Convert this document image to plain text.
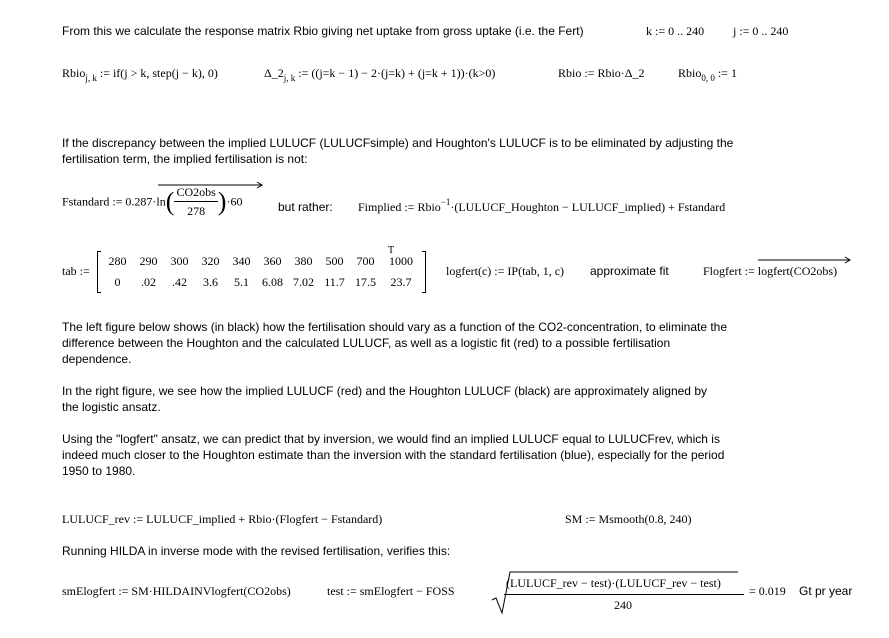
From this we calculate the response matrix Rbio giving net uptake from gross uptake (i.e. the Fert)	k := 0 .. 240 j := 0 .. 240
Rbio$_{j, k}$ := if(j > k, step(j − k), 0)	$\Delta\_2_{j, k}$ := ((j=k − 1) − 2·(j=k) + (j=k + 1))·(k>0)	Rbio := Rbio·Δ_2	Rbio$_{0, 0}$ := 1
If the discrepancy between the implied LULUCF (LULUCFsimple) and Houghton's LULUCF is to be eliminated by adjusting the
fertilisation term, the implied fertilisation is not:
Fstandard := $0.287\cdot\ln( \frac{\text{CO2obs}}{278} )\cdot 60$	but rather: Fimplied := Rbio$^{-1}$·(LULUCF_Houghton − LULUCF_implied) + Fstandard
tab :=
280	290	300	320	340	360	380	500	700	1000
0	.02	.42	3.6	5.1	6.08 7.02 11.7 17.5	23.7
T
logfert(c) := IP(tab, 1, c) approximate fit	Flogfert := logfert(CO2obs)
The left figure below shows (in black) how the fertilisation should vary as a function of the CO2-concentration, to eliminate the
difference between the Houghton and the calculated LULUCF, as well as a logistic fit (red) to a possible fertilisation
dependence.
In the right figure, we see how the implied LULUCF (red) and the Houghton LULUCF (black) are approximately aligned by
the logistic ansatz.
Using the "logfert" ansatz, we can predict that by inversion, we would find an implied LULUCF equal to LULUCFrev, which is
indeed much closer to the Houghton estimate than the inversion with the standard fertilisation (blue), especially for the period
1950 to 1980.
LULUCF_rev := LULUCF_implied + Rbio·(Flogfert − Fstandard)	SM := Msmooth(0.8, 240)
Running HILDA in inverse mode with the revised fertilisation, verifies this:
smElogfert := SM·HILDAINVlogfert(CO2obs)	test := smElogfert − FOSS
(LULUCF_rev − test)·(LULUCF_rev − test)
240
= 0.019 Gt pr year
